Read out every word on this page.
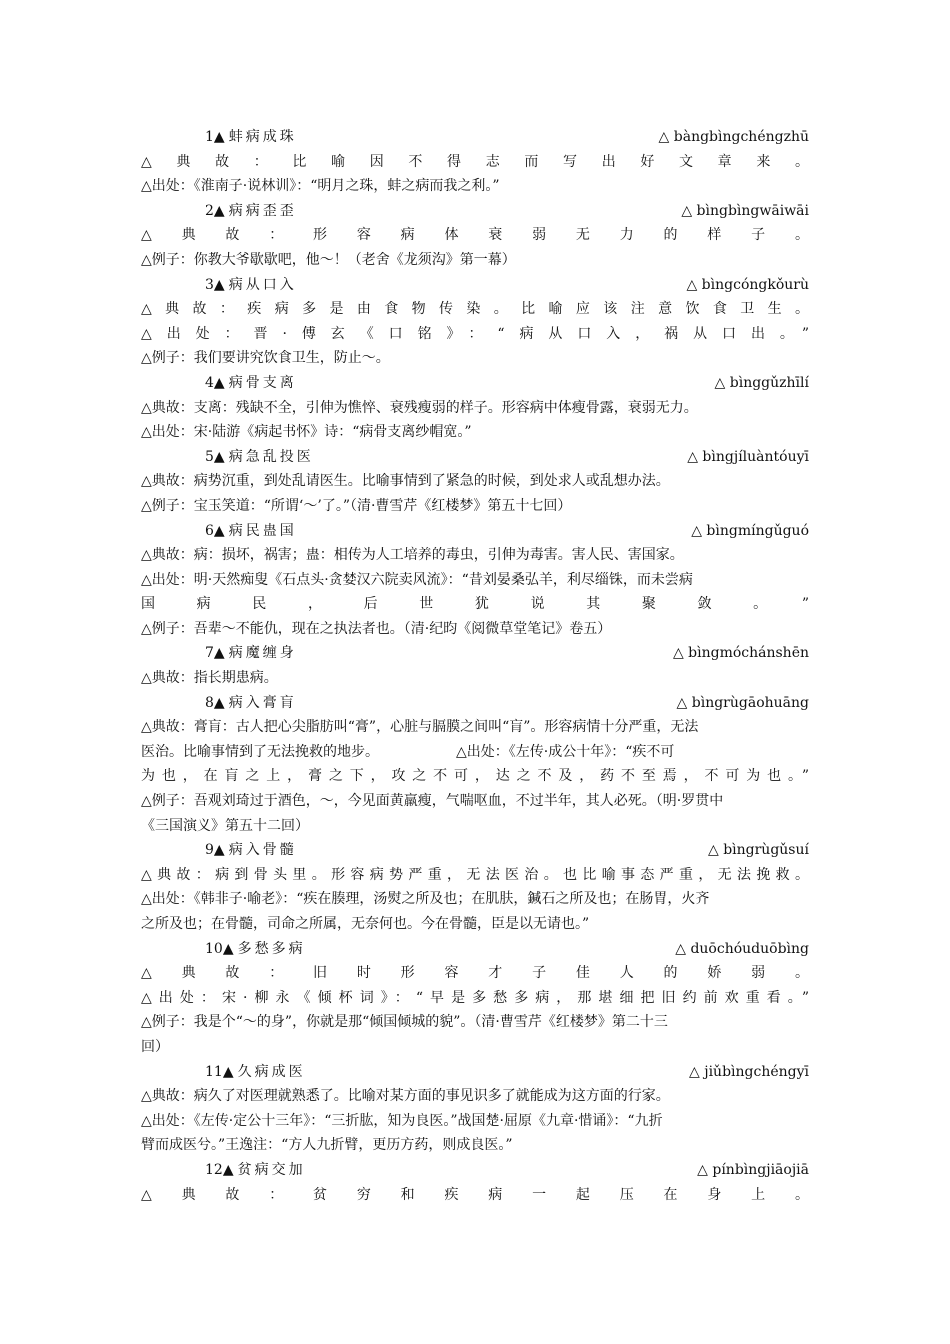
1▲ 蚌病成珠	△ bàngbìngchéngzhū
△典故：比喻因不得志而写出好文章来。
△出处：《淮南子·说林训》：“明月之珠，蚌之病而我之利。”
2▲ 病病歪歪	△ bìngbìngwāiwāi
△典故：形容病体衰弱无力的样子。
△例子：你教大爷歇歇吧，他～！（老舍《龙须沟》第一幕）
3▲ 病从口入	△ bìngcóngkǒurù
△典故：疾病多是由食物传染。比喻应该注意饮食卫生。
△出处：晋·傅玄《口铭》：“病从口入，祸从口出。”
△例子：我们要讲究饮食卫生，防止～。
4▲ 病骨支离	△ bìnggǔzhīlí
△典故：支离：残缺不全，引伸为憔悴、衰残瘦弱的样子。形容病中体瘦骨露，衰弱无力。
△出处：宋·陆游《病起书怀》诗：“病骨支离纱帽宽。”
5▲ 病急乱投医	△ bìngjíluàntóuyī
△典故：病势沉重，到处乱请医生。比喻事情到了紧急的时候，到处求人或乱想办法。
△例子：宝玉笑道：“所谓‘～’了。”（清·曹雪芹《红楼梦》第五十七回）
6▲ 病民蛊国	△ bìngmíngǔguó
△典故：病：损坏，祸害；蛊：相传为人工培养的毒虫，引伸为毒害。害人民、害国家。
△出处：明·天然痴叟《石点头·贪婪汉六院卖风流》：“昔刘晏桑弘羊，利尽缁铢，而未尝病
国病民，后世犹说其聚敛。”
△例子：吾辈～不能仇，现在之执法者也。（清·纪昀《阅微草堂笔记》卷五）
7▲ 病魔缠身	△ bìngmóchánshēn
△典故：指长期患病。
8▲ 病入膏肓	△ bìngrùgāohuāng
△典故：膏肓：古人把心尖脂肪叫“膏”，心脏与膈膜之间叫“肓”。形容病情十分严重，无法
医治。比喻事情到了无法挽救的地步。　　　　　　△出处：《左传·成公十年》：“疾不可
为也，在肓之上，膏之下，攻之不可，达之不及，药不至焉，不可为也。”
△例子：吾观刘琦过于酒色，～，今见面黄羸瘦，气喘呕血，不过半年，其人必死。（明·罗贯中
《三国演义》第五十二回）
9▲ 病入骨髓	△ bìngrùgǔsuí
△典故：病到骨头里。形容病势严重，无法医治。也比喻事态严重，无法挽救。
△出处：《韩非子·喻老》：“疾在腠理，汤熨之所及也；在肌肤，鍼石之所及也；在肠胃，火齐
之所及也；在骨髓，司命之所属，无奈何也。今在骨髓，臣是以无请也。”
10▲ 多愁多病	△ duōchóuduōbìng
△典故：旧时形容才子佳人的娇弱。
△出处：宋·柳永《倾杯词》：“早是多愁多病，那堪细把旧约前欢重看。”
△例子：我是个“～的身”，你就是那“倾国倾城的貌”。（清·曹雪芹《红楼梦》第二十三
回）
11▲ 久病成医	△ jiǔbìngchéngyī
△典故：病久了对医理就熟悉了。比喻对某方面的事见识多了就能成为这方面的行家。
△出处：《左传·定公十三年》：“三折肱，知为良医。”战国楚·屈原《九章·惜诵》：“九折
臂而成医兮。”王逸注：“方人九折臂，更历方药，则成良医。”
12▲ 贫病交加	△ pínbìngjiāojiā
△典故：贫穷和疾病一起压在身上。
